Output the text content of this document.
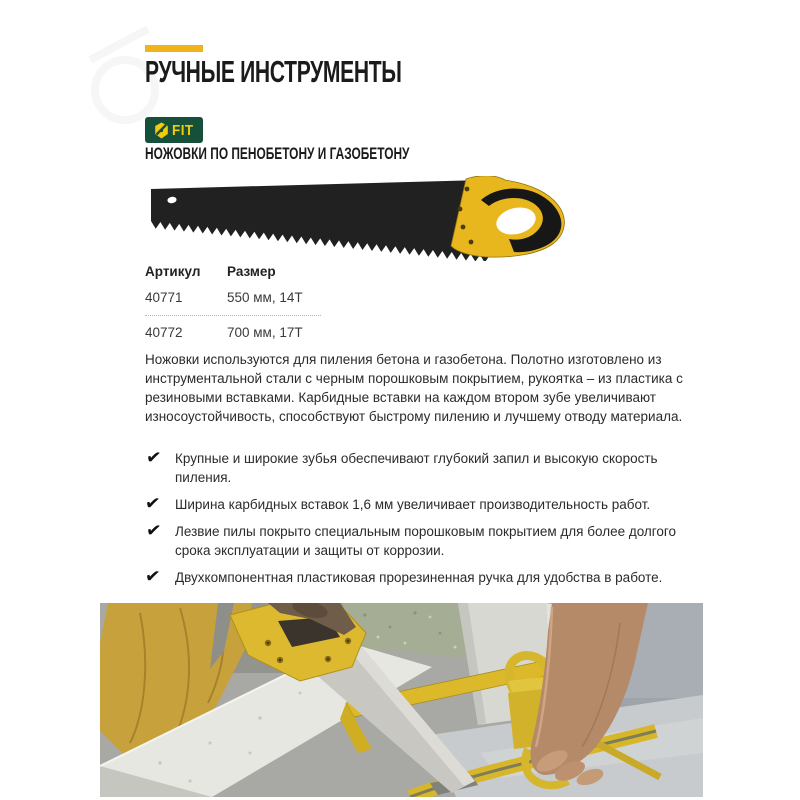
РУЧНЫЕ ИНСТРУМЕНТЫ
FIT
НОЖОВКИ ПО ПЕНОБЕТОНУ И ГАЗОБЕТОНУ
Артикул	Размер
40771	550 мм, 14Т
40772	700 мм, 17Т

Ножовки используются для пиления бетона и газобетона. Полотно изготовлено из инструментальной стали с черным порошковым покрытием, рукоятка – из пластика с резиновыми вставками. Карбидные вставки на каждом втором зубе увеличивают износоустойчивость, способствуют быстрому пилению и лучшему отводу материала.

✔ Крупные и широкие зубья обеспечивают глубокий запил и высокую скорость пиления.
✔	Ширина карбидных вставок 1,6 мм увеличивает производительность работ.
✔ Лезвие пилы покрыто специальным порошковым покрытием для более долгого срока эксплуатации и защиты от коррозии.
✔	Двухкомпонентная пластиковая прорезиненная ручка для удобства в работе.
